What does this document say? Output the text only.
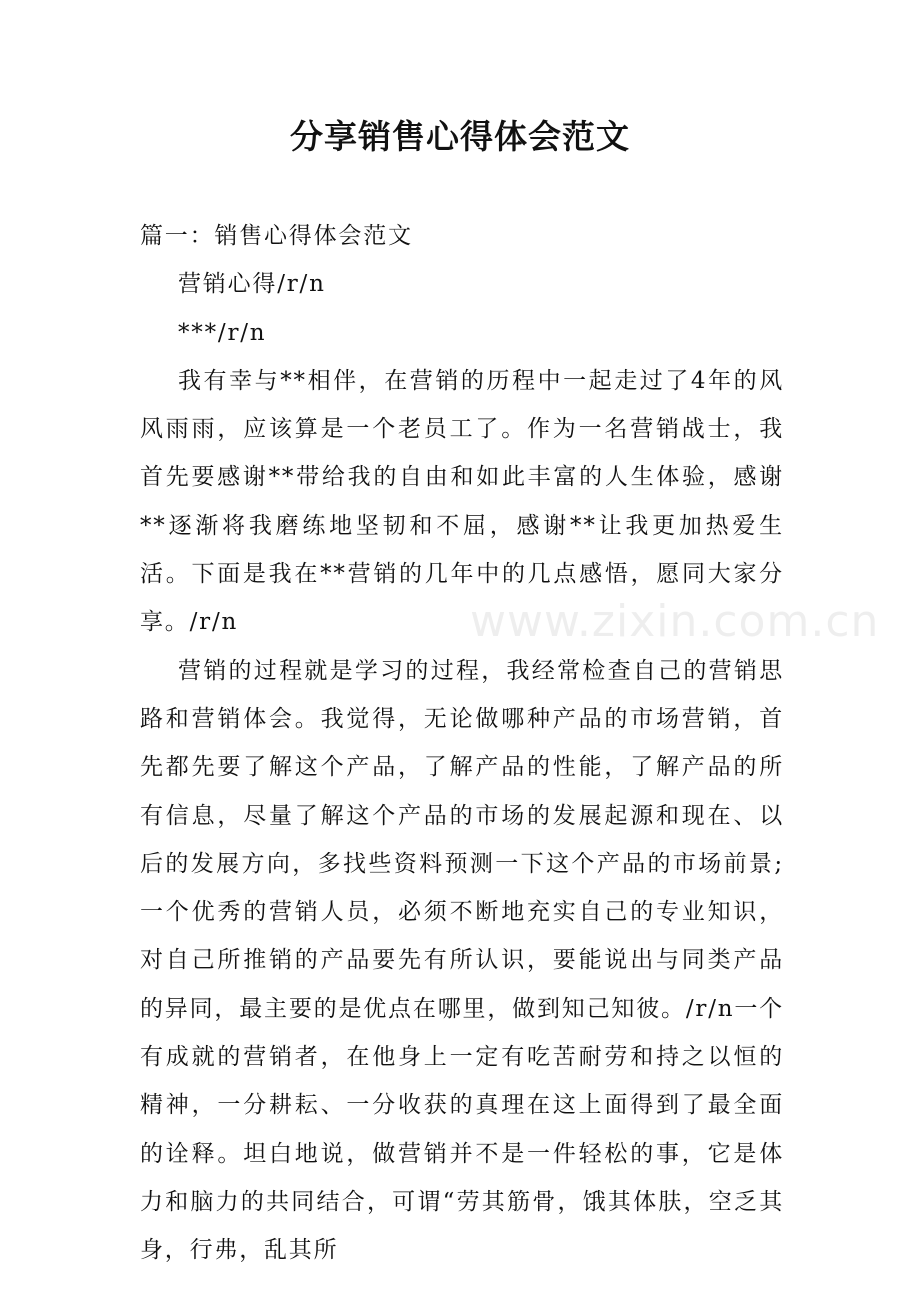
分享销售心得体会范文

篇一：销售心得体会范文

营销心得/r/n

***/r/n

我有幸与**相伴，在营销的历程中一起走过了4年的风风雨雨，应该算是一个老员工了。作为一名营销战士，我首先要感谢**带给我的自由和如此丰富的人生体验，感谢**逐渐将我磨练地坚韧和不屈，感谢**让我更加热爱生活。下面是我在**营销的几年中的几点感悟，愿同大家分享。/r/n

营销的过程就是学习的过程，我经常检查自己的营销思路和营销体会。我觉得，无论做哪种产品的市场营销，首先都先要了解这个产品，了解产品的性能，了解产品的所有信息，尽量了解这个产品的市场的发展起源和现在、以后的发展方向，多找些资料预测一下这个产品的市场前景;一个优秀的营销人员，必须不断地充实自己的专业知识，对自己所推销的产品要先有所认识，要能说出与同类产品的异同，最主要的是优点在哪里，做到知己知彼。/r/n一个有成就的营销者，在他身上一定有吃苦耐劳和持之以恒的精神，一分耕耘、一分收获的真理在这上面得到了最全面的诠释。坦白地说，做营销并不是一件轻松的事，它是体力和脑力的共同结合，可谓“劳其筋骨，饿其体肤，空乏其身，行弗，乱其所

www.zixin.com.cn
